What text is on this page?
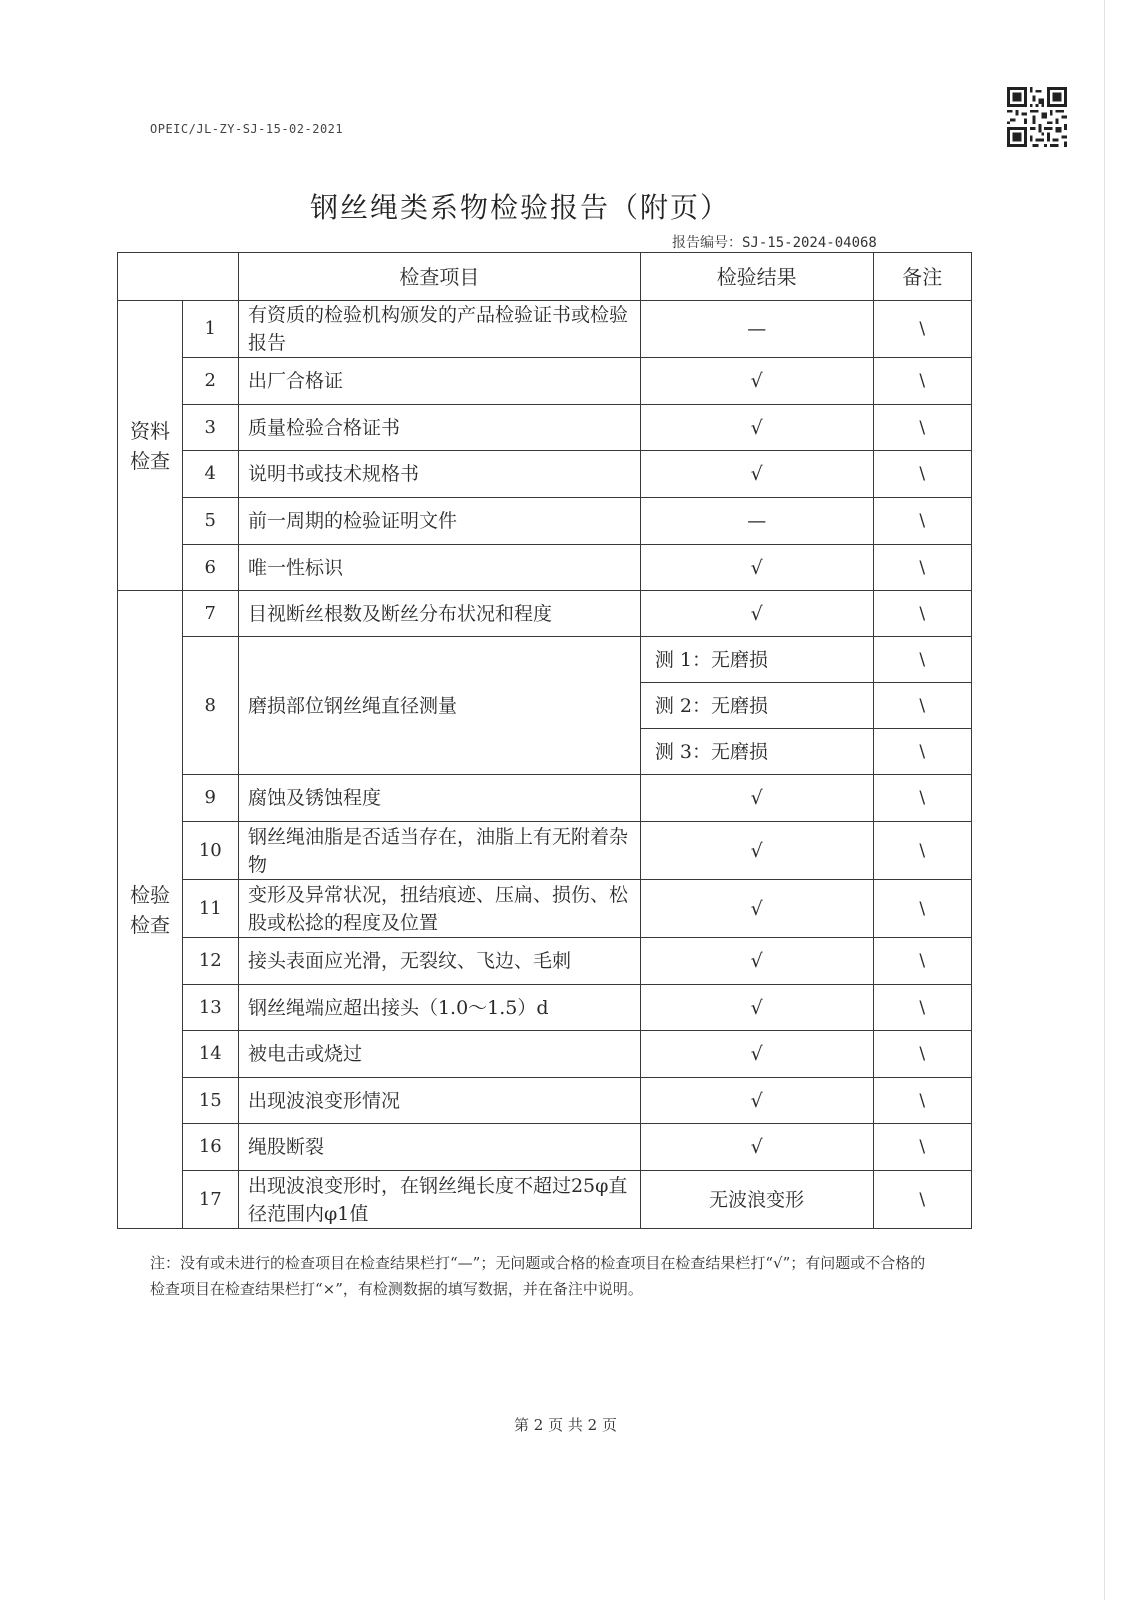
OPEIC/JL-ZY-SJ-15-02-2021
钢丝绳类系物检验报告（附页）
报告编号：SJ-15-2024-04068
		检查项目	检验结果	备注

资料检查	1	有资质的检验机构颁发的产品检验证书或检验报告	—	\
	2	出厂合格证	√	\
	3	质量检验合格证书	√	\
	4	说明书或技术规格书	√	\
	5	前一周期的检验证明文件	—	\
	6	唯一性标识	√	\

检验检查	7	目视断丝根数及断丝分布状况和程度	√	\
	8	磨损部位钢丝绳直径测量	测 1：无磨损	\
			测 2：无磨损	\
			测 3：无磨损	\
	9	腐蚀及锈蚀程度	√	\
	10	钢丝绳油脂是否适当存在，油脂上有无附着杂物	√	\
	11	变形及异常状况，扭结痕迹、压扁、损伤、松股或松捻的程度及位置	√	\
	12	接头表面应光滑，无裂纹、飞边、毛刺	√	\
	13	钢丝绳端应超出接头（1.0～1.5）d	√	\
	14	被电击或烧过	√	\
	15	出现波浪变形情况	√	\
	16	绳股断裂	√	\
	17	出现波浪变形时，在钢丝绳长度不超过25φ直径范围内φ1值	无波浪变形	\
注：没有或未进行的检查项目在检查结果栏打“—”；无问题或合格的检查项目在检查结果栏打“√”；有问题或不合格的检查项目在检查结果栏打“×”，有检测数据的填写数据，并在备注中说明。
第 2 页 共 2 页
